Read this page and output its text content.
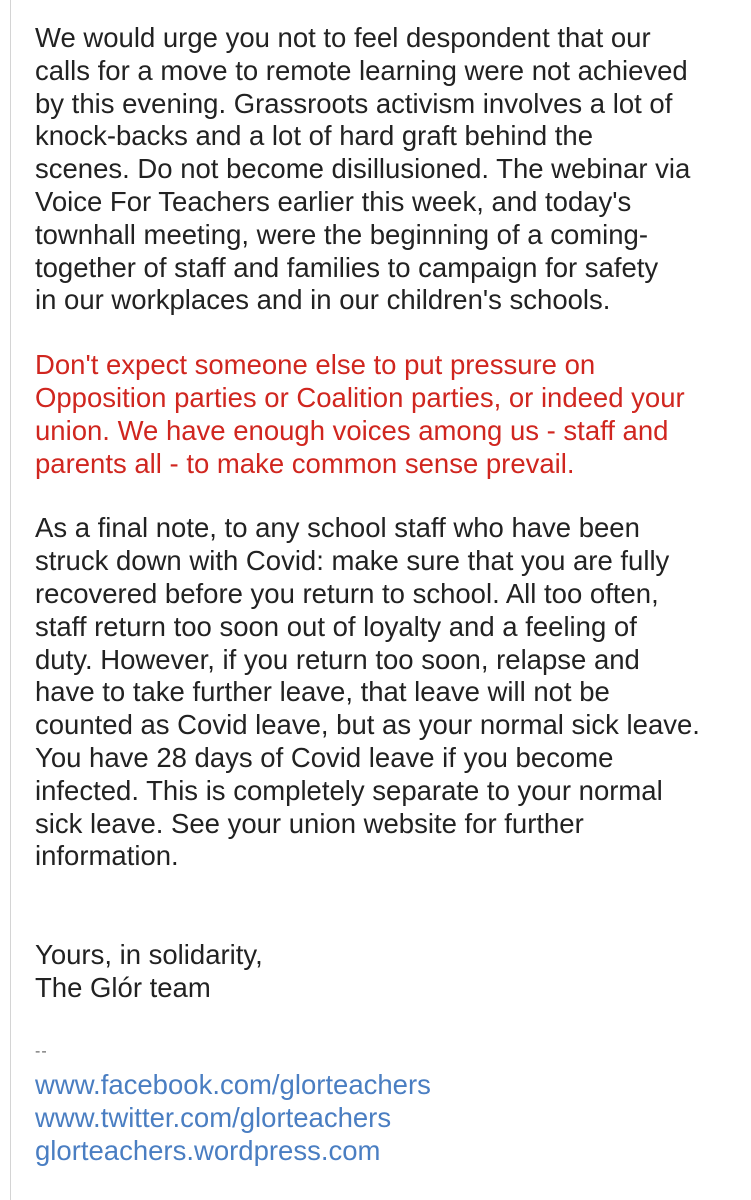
We would urge you not to feel despondent that our
calls for a move to remote learning were not achieved
by this evening. Grassroots activism involves a lot of
knock-backs and a lot of hard graft behind the
scenes. Do not become disillusioned. The webinar via
Voice For Teachers earlier this week, and today's
townhall meeting, were the beginning of a coming-
together of staff and families to campaign for safety
in our workplaces and in our children's schools.

Don't expect someone else to put pressure on
Opposition parties or Coalition parties, or indeed your
union. We have enough voices among us - staff and
parents all - to make common sense prevail.

As a final note, to any school staff who have been
struck down with Covid: make sure that you are fully
recovered before you return to school. All too often,
staff return too soon out of loyalty and a feeling of
duty. However, if you return too soon, relapse and
have to take further leave, that leave will not be
counted as Covid leave, but as your normal sick leave.
You have 28 days of Covid leave if you become
infected. This is completely separate to your normal
sick leave. See your union website for further
information.

Yours, in solidarity,
The Glór team

--

www.facebook.com/glorteachers
www.twitter.com/glorteachers
glorteachers.wordpress.com
